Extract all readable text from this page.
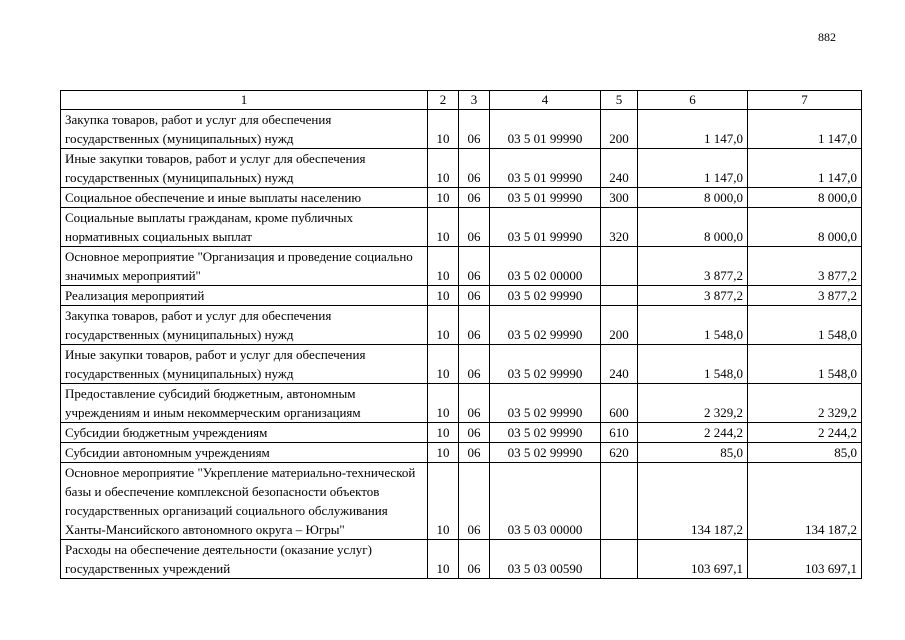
882
1	2	3	4	5	6	7
Закупка товаров, работ и услуг для обеспечения государственных (муниципальных) нужд	10	06	03 5 01 99990	200	1 147,0	1 147,0
Иные закупки товаров, работ и услуг для обеспечения государственных (муниципальных) нужд	10	06	03 5 01 99990	240	1 147,0	1 147,0
Социальное обеспечение и иные выплаты населению	10	06	03 5 01 99990	300	8 000,0	8 000,0
Социальные выплаты гражданам, кроме публичных нормативных социальных выплат	10	06	03 5 01 99990	320	8 000,0	8 000,0
Основное мероприятие "Организация и проведение социально значимых мероприятий"	10	06	03 5 02 00000		3 877,2	3 877,2
Реализация мероприятий	10	06	03 5 02 99990		3 877,2	3 877,2
Закупка товаров, работ и услуг для обеспечения государственных (муниципальных) нужд	10	06	03 5 02 99990	200	1 548,0	1 548,0
Иные закупки товаров, работ и услуг для обеспечения государственных (муниципальных) нужд	10	06	03 5 02 99990	240	1 548,0	1 548,0
Предоставление субсидий бюджетным, автономным учреждениям и иным некоммерческим организациям	10	06	03 5 02 99990	600	2 329,2	2 329,2
Субсидии бюджетным учреждениям	10	06	03 5 02 99990	610	2 244,2	2 244,2
Субсидии автономным учреждениям	10	06	03 5 02 99990	620	85,0	85,0
Основное мероприятие "Укрепление материально-технической базы и обеспечение комплексной безопасности объектов государственных организаций социального обслуживания Ханты-Мансийского автономного округа – Югры"	10	06	03 5 03 00000		134 187,2	134 187,2
Расходы на обеспечение деятельности (оказание услуг) государственных учреждений	10	06	03 5 03 00590		103 697,1	103 697,1
